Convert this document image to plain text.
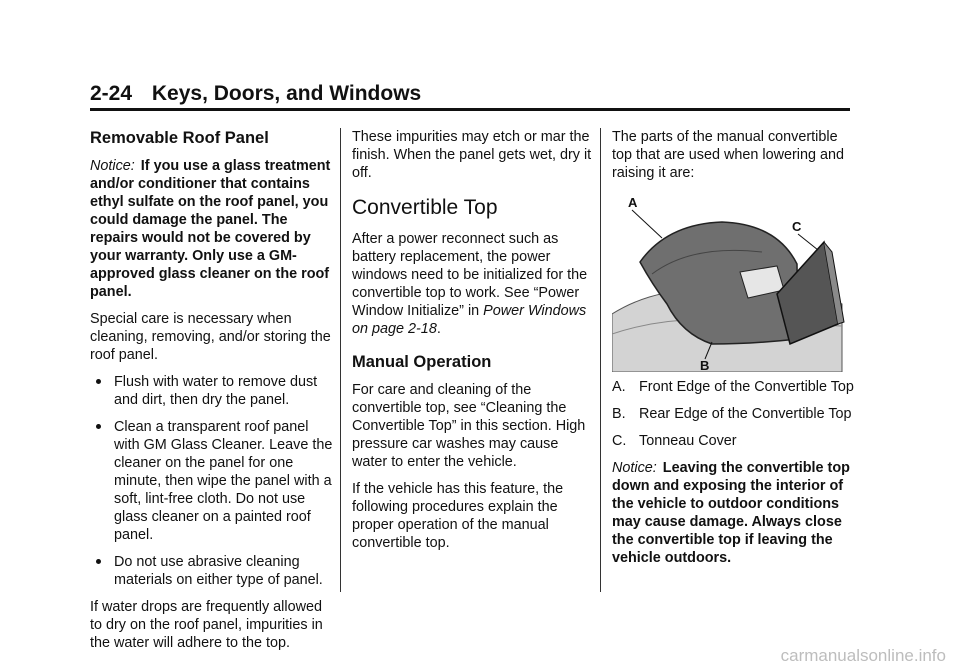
2-24 Keys, Doors, and Windows
Removable Roof Panel

Notice: If you use a glass treatment and/or conditioner that contains ethyl sulfate on the roof panel, you could damage the panel. The repairs would not be covered by your warranty. Only use a GM-approved glass cleaner on the roof panel.

Special care is necessary when cleaning, removing, and/or storing the roof panel.

Flush with water to remove dust and dirt, then dry the panel.
Clean a transparent roof panel with GM Glass Cleaner. Leave the cleaner on the panel for one minute, then wipe the panel with a soft, lint-free cloth. Do not use glass cleaner on a painted roof panel.
Do not use abrasive cleaning materials on either type of panel.

If water drops are frequently allowed to dry on the roof panel, impurities in the water will adhere to the top.

These impurities may etch or mar the finish. When the panel gets wet, dry it off.

Convertible Top

After a power reconnect such as battery replacement, the power windows need to be initialized for the convertible top to work. See “Power Window Initialize” in Power Windows on page 2-18.

Manual Operation

For care and cleaning of the convertible top, see “Cleaning the Convertible Top” in this section. High pressure car washes may cause water to enter the vehicle.

If the vehicle has this feature, the following procedures explain the proper operation of the manual convertible top.

The parts of the manual convertible top that are used when lowering and raising it are:

A
C
B
A. Front Edge of the Convertible Top
B. Rear Edge of the Convertible Top
C. Tonneau Cover

Notice: Leaving the convertible top down and exposing the interior of the vehicle to outdoor conditions may cause damage. Always close the convertible top if leaving the vehicle outdoors.

carmanualsonline.info
